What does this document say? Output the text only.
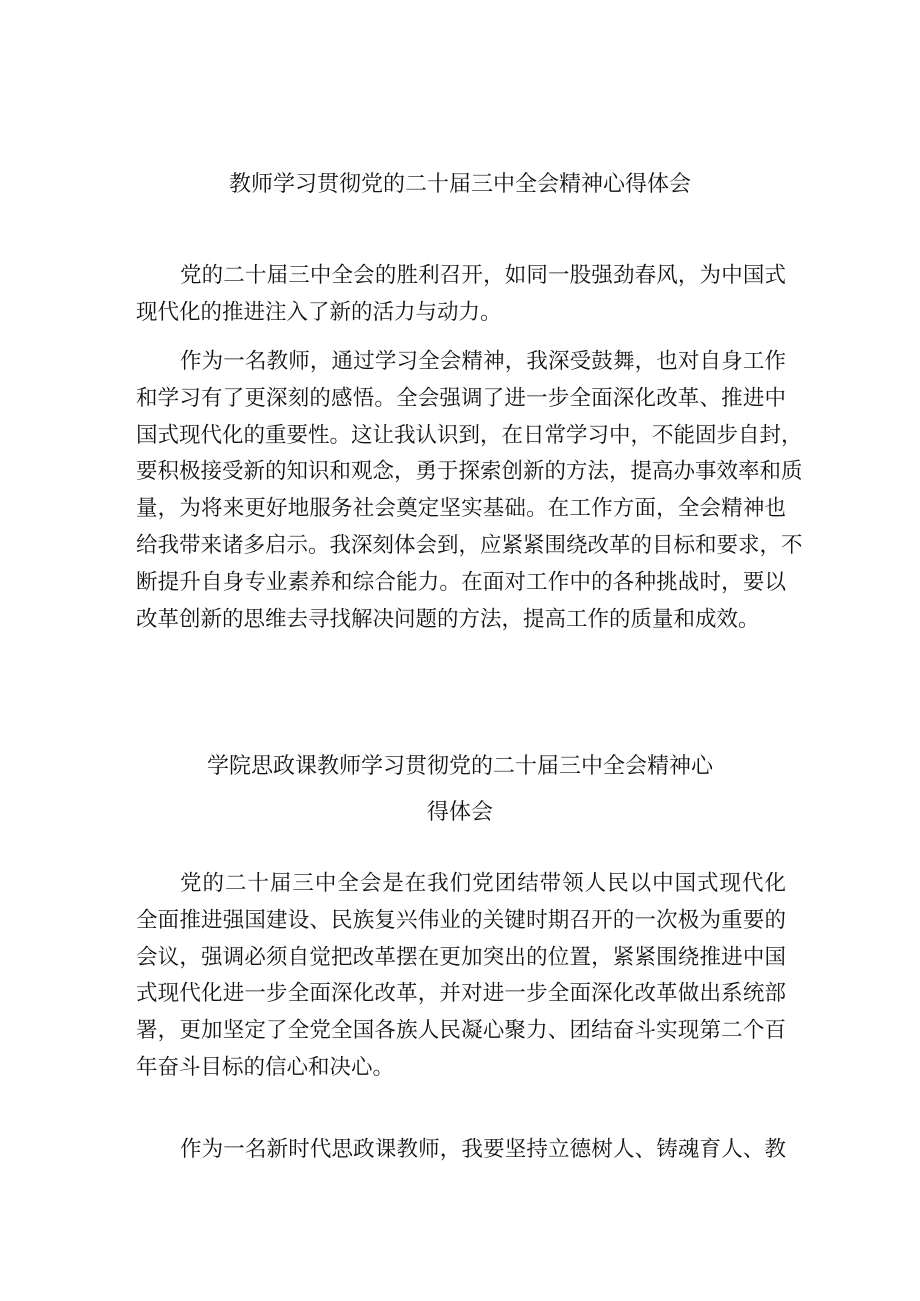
教师学习贯彻党的二十届三中全会精神心得体会
党的二十届三中全会的胜利召开，如同一股强劲春风，为中国式
现代化的推进注入了新的活力与动力。
作为一名教师，通过学习全会精神，我深受鼓舞，也对自身工作
和学习有了更深刻的感悟。全会强调了进一步全面深化改革、推进中
国式现代化的重要性。这让我认识到，在日常学习中，不能固步自封，
要积极接受新的知识和观念，勇于探索创新的方法，提高办事效率和质
量，为将来更好地服务社会奠定坚实基础。在工作方面，全会精神也
给我带来诸多启示。我深刻体会到，应紧紧围绕改革的目标和要求，不
断提升自身专业素养和综合能力。在面对工作中的各种挑战时，要以
改革创新的思维去寻找解决问题的方法，提高工作的质量和成效。
学院思政课教师学习贯彻党的二十届三中全会精神心
得体会
党的二十届三中全会是在我们党团结带领人民以中国式现代化
全面推进强国建设、民族复兴伟业的关键时期召开的一次极为重要的
会议，强调必须自觉把改革摆在更加突出的位置，紧紧围绕推进中国
式现代化进一步全面深化改革，并对进一步全面深化改革做出系统部
署，更加坚定了全党全国各族人民凝心聚力、团结奋斗实现第二个百
年奋斗目标的信心和决心。
作为一名新时代思政课教师，我要坚持立德树人、铸魂育人、教
